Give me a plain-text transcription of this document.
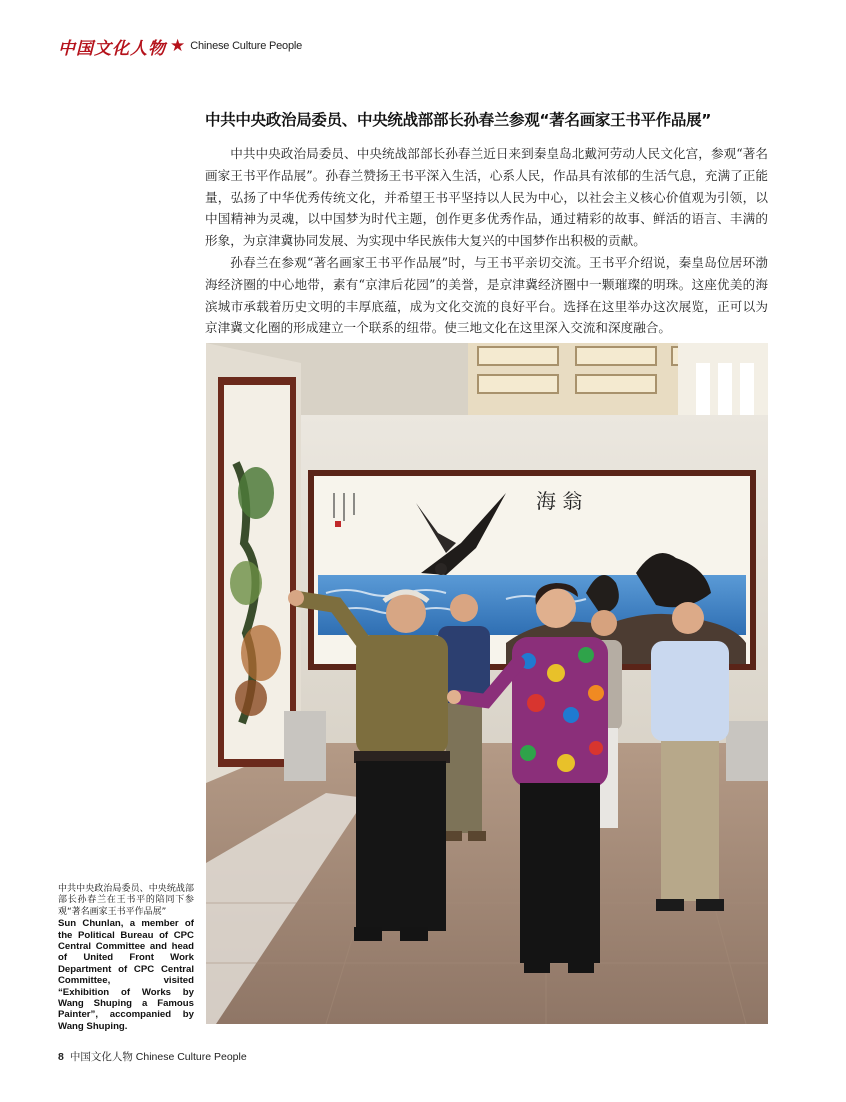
中国文化人物 ★ Chinese Culture People
中共中央政治局委员、中央统战部部长孙春兰参观“著名画家王书平作品展”

中共中央政治局委员、中央统战部部长孙春兰近日来到秦皇岛北戴河劳动人民文化宫，参观“著名画家王书平作品展”。孙春兰赞扬王书平深入生活，心系人民，作品具有浓郁的生活气息，充满了正能量，弘扬了中华优秀传统文化，并希望王书平坚持以人民为中心，以社会主义核心价值观为引领，以中国精神为灵魂，以中国梦为时代主题，创作更多优秀作品，通过精彩的故事、鲜活的语言、丰满的形象，为京津冀协同发展、为实现中华民族伟大复兴的中国梦作出积极的贡献。

孙春兰在参观“著名画家王书平作品展”时，与王书平亲切交流。王书平介绍说，秦皇岛位居环渤海经济圈的中心地带，素有“京津后花园”的美誉，是京津冀经济圈中一颗璀璨的明珠。这座优美的海滨城市承载着历史文明的丰厚底蕴，成为文化交流的良好平台。选择在这里举办这次展览，正可以为京津冀文化圈的形成建立一个联系的纽带。使三地文化在这里深入交流和深度融合。

海 翁
中共中央政治局委员、中央统战部部长孙春兰在王书平的陪同下参观“著名画家王书平作品展”
Sun Chunlan, a member of the Political Bureau of CPC Central Committee and head of United Front Work Department of CPC Central Committee, visited “Exhibition of Works by Wang Shuping a Famous Painter”, accompanied by Wang Shuping.
8 中国文化人物 Chinese Culture People
